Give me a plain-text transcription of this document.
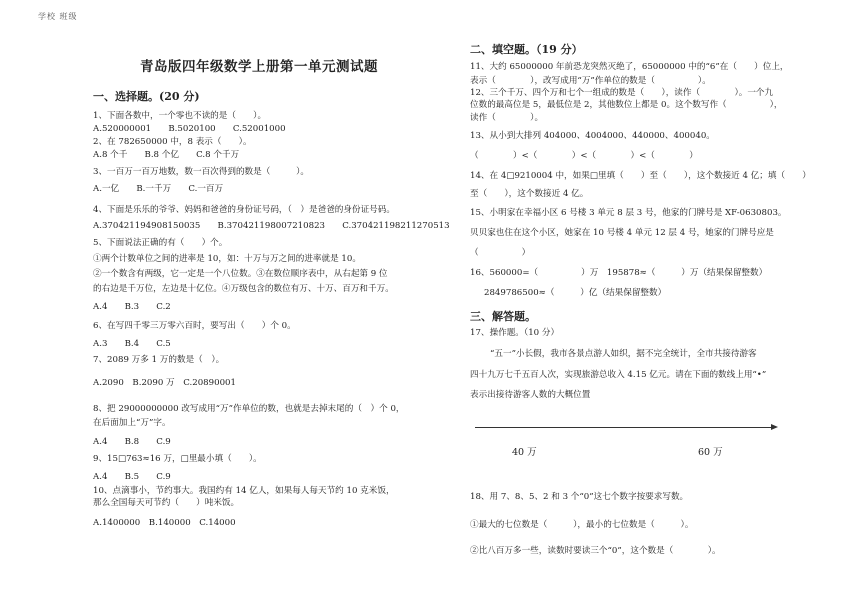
学校 班级
青岛版四年级数学上册第一单元测试题
一、选择题。(20 分)
1、下面各数中，一个零也不读的是（　　）。
A.520000001　　B.5020100　　C.52001000
2、在 782650000 中，8 表示（　　）。
A.8 个千　　B.8 个亿　　C.8 个千万
3、一百万一百万地数，数一百次得到的数是（　　　）。
A.一亿　　B.一千万　　C.一百万
4、下面是乐乐的爷爷、妈妈和爸爸的身份证号码，（　）是爸爸的身份证号码。
A.370421194908150035　　B.370421198007210823　　C.370421198211270513
5、下面说法正确的有（　　）个。
①两个计数单位之间的进率是 10，如：十万与万之间的进率就是 10。
②一个数含有两级，它一定是一个八位数。③在数位顺序表中，从右起第 9 位
的右边是千万位，左边是十亿位。④万级包含的数位有万、十万、百万和千万。
A.4　　B.3　　C.2
6、在写四千零三万零六百时，要写出（　　）个 0。
A.3　　B.4　　C.5
7、2089 万多 1 万的数是（　）。
A.2090　B.2090 万　C.20890001
8、把 29000000000 改写成用“万”作单位的数，也就是去掉末尾的（　）个 0，
在后面加上“万”字。
A.4　　B.8　　C.9
9、15□763≈16 万，□里最小填（　　）。
A.4　　B.5　　C.9
10、点滴事小，节约事大。我国约有 14 亿人，如果每人每天节约 10 克米饭，
那么全国每天可节约（　　）吨米饭。
A.1400000　B.140000　C.14000
二、填空题。（19 分）
11、大约 65000000 年前恐龙突然灭绝了，65000000 中的“6”在（　　）位上，
表示（　　　　），改写成用“万”作单位的数是（　　　　　）。
12、三个千万、四个万和七个一组成的数是（　　），读作（　　　　）。一个九
位数的最高位是 5，最低位是 2，其他数位上都是 0。这个数写作（　　　　　），
读作（　　　　）。
13、从小到大排列 404000、4004000、440000、400040。
（　　　　）<（　　　　）<（　　　　）<（　　　　）
14、在 4□9210004 中，如果□里填（　　）至（　　），这个数接近 4 亿；填（　　）
至（　　），这个数接近 4 亿。
15、小明家在幸福小区 6 号楼 3 单元 8 层 3 号，他家的门牌号是 XF-0630803。
贝贝家也住在这个小区，她家在 10 号楼 4 单元 12 层 4 号，她家的门牌号应是
（　　　　　）
16、560000=（　　　　　）万　195878≈（　　　）万（结果保留整数）
2849786500≈（　　　）亿（结果保留整数）
三、解答题。
17、操作题。（10 分）
“五一”小长假，我市各景点游人如织，据不完全统计，全市共接待游客
四十九万七千五百人次，实现旅游总收入 4.15 亿元。请在下面的数线上用“•”
表示出接待游客人数的大概位置
40 万	60 万
18、用 7、8、5、2 和 3 个“0”这七个数字按要求写数。
①最大的七位数是（　　　），最小的七位数是（　　　）。
②比八百万多一些，读数时要读三个“0”，这个数是（　　　　）。
